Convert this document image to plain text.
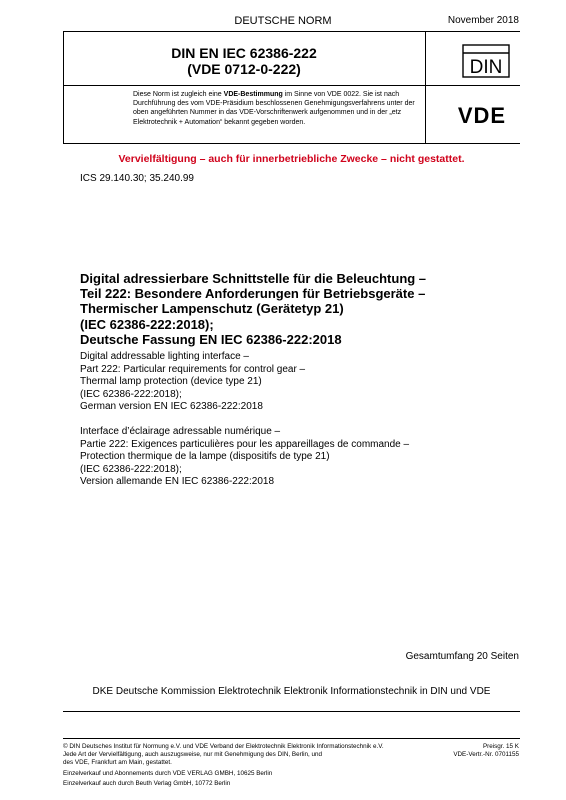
DEUTSCHE NORM	November 2018
DIN EN IEC 62386-222
(VDE 0712-0-222)	DIN
VDE
Diese Norm ist zugleich eine VDE-Bestimmung im Sinne von VDE 0022. Sie ist nach Durchführung des vom VDE-Präsidium beschlossenen Genehmigungsverfahrens unter der oben angeführten Nummer in das VDE-Vorschriftenwerk aufgenommen und in der „etz Elektrotechnik + Automation“ bekannt gegeben worden.
Vervielfältigung – auch für innerbetriebliche Zwecke – nicht gestattet.
ICS 29.140.30; 35.240.99
Digital adressierbare Schnittstelle für die Beleuchtung –
Teil 222: Besondere Anforderungen für Betriebsgeräte –
Thermischer Lampenschutz (Gerätetyp 21)
(IEC 62386-222:2018);
Deutsche Fassung EN IEC 62386-222:2018
Digital addressable lighting interface –
Part 222: Particular requirements for control gear –
Thermal lamp protection (device type 21)
(IEC 62386-222:2018);
German version EN IEC 62386-222:2018
Interface d’éclairage adressable numérique –
Partie 222: Exigences particulières pour les appareillages de commande –
Protection thermique de la lampe (dispositifs de type 21)
(IEC 62386-222:2018);
Version allemande EN IEC 62386-222:2018
Gesamtumfang 20 Seiten
DKE Deutsche Kommission Elektrotechnik Elektronik Informationstechnik in DIN und VDE
© DIN Deutsches Institut für Normung e.V. und VDE Verband der Elektrotechnik Elektronik Informationstechnik e.V.
Jede Art der Vervielfältigung, auch auszugsweise, nur mit Genehmigung des DIN, Berlin, und
des VDE, Frankfurt am Main, gestattet.
Preisgr. 15 K
VDE-Vertr.-Nr. 0701155
Einzelverkauf und Abonnements durch VDE VERLAG GMBH, 10625 Berlin
Einzelverkauf auch durch Beuth Verlag GmbH, 10772 Berlin
